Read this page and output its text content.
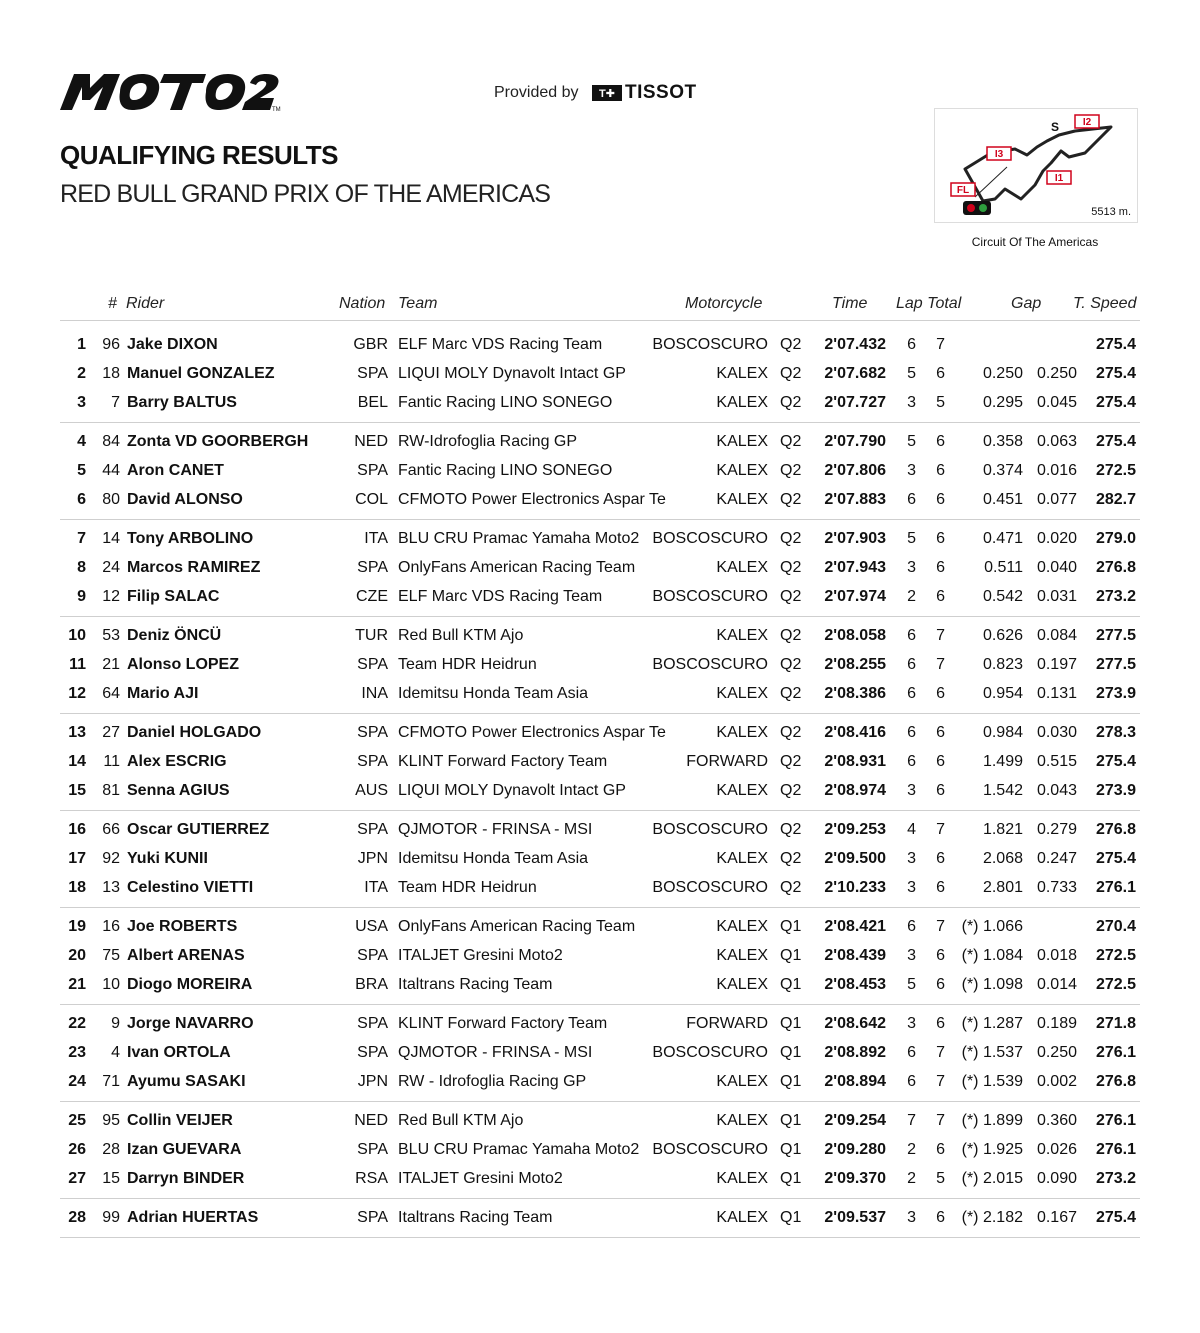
TM
Provided by	T✚ TISSOT
QUALIFYING RESULTS
RED BULL GRAND PRIX OF THE AMERICAS
I2
I3
I1
FL
S
5513 m.
Circuit Of The Americas
# Rider	Nation Team	Motorcycle	Time Lap Total	Gap T. Speed
1 96 Jake DIXON	GBR ELF Marc VDS Racing Team	BOSCOSCURO Q2 2'07.432 6 7	275.4
2 18 Manuel GONZALEZ	SPA LIQUI MOLY Dynavolt Intact GP	KALEX Q2 2'07.682 5 6 0.250 0.250 275.4
3 7 Barry BALTUS	BEL Fantic Racing LINO SONEGO	KALEX Q2 2'07.727 3 5 0.295 0.045 275.4
4 84 Zonta VD GOORBERGH	NED RW-Idrofoglia Racing GP	KALEX Q2 2'07.790 5 6 0.358 0.063 275.4
5 44 Aron CANET	SPA Fantic Racing LINO SONEGO	KALEX Q2 2'07.806 3 6 0.374 0.016 272.5
6 80 David ALONSO	COL CFMOTO Power Electronics Aspar Te	KALEX Q2 2'07.883 6 6 0.451 0.077 282.7
7 14 Tony ARBOLINO	ITA BLU CRU Pramac Yamaha Moto2 BOSCOSCURO Q2 2'07.903 5 6 0.471 0.020 279.0
8 24 Marcos RAMIREZ	SPA OnlyFans American Racing Team	KALEX Q2 2'07.943 3 6 0.511 0.040 276.8
9 12 Filip SALAC	CZE ELF Marc VDS Racing Team	BOSCOSCURO Q2 2'07.974 2 6 0.542 0.031 273.2
10 53 Deniz ÖNCÜ	TUR Red Bull KTM Ajo	KALEX Q2 2'08.058 6 7 0.626 0.084 277.5
11 21 Alonso LOPEZ	SPA Team HDR Heidrun	BOSCOSCURO Q2 2'08.255 6 7 0.823 0.197 277.5
12 64 Mario AJI	INA Idemitsu Honda Team Asia	KALEX Q2 2'08.386 6 6 0.954 0.131 273.9
13 27 Daniel HOLGADO	SPA CFMOTO Power Electronics Aspar Te	KALEX Q2 2'08.416 6 6 0.984 0.030 278.3
14 11 Alex ESCRIG	SPA KLINT Forward Factory Team	FORWARD Q2 2'08.931 6 6 1.499 0.515 275.4
15 81 Senna AGIUS	AUS LIQUI MOLY Dynavolt Intact GP	KALEX Q2 2'08.974 3 6 1.542 0.043 273.9
16 66 Oscar GUTIERREZ	SPA QJMOTOR - FRINSA - MSI	BOSCOSCURO Q2 2'09.253 4 7 1.821 0.279 276.8
17 92 Yuki KUNII	JPN Idemitsu Honda Team Asia	KALEX Q2 2'09.500 3 6 2.068 0.247 275.4
18 13 Celestino VIETTI	ITA Team HDR Heidrun	BOSCOSCURO Q2 2'10.233 3 6 2.801 0.733 276.1
19 16 Joe ROBERTS	USA OnlyFans American Racing Team	KALEX Q1 2'08.421 6 7 (*) 1.066	270.4
20 75 Albert ARENAS	SPA ITALJET Gresini Moto2	KALEX Q1 2'08.439 3 6 (*) 1.084 0.018 272.5
21 10 Diogo MOREIRA	BRA Italtrans Racing Team	KALEX Q1 2'08.453 5 6 (*) 1.098 0.014 272.5
22 9 Jorge NAVARRO	SPA KLINT Forward Factory Team	FORWARD Q1 2'08.642 3 6 (*) 1.287 0.189 271.8
23 4 Ivan ORTOLA	SPA QJMOTOR - FRINSA - MSI	BOSCOSCURO Q1 2'08.892 6 7 (*) 1.537 0.250 276.1
24 71 Ayumu SASAKI	JPN RW - Idrofoglia Racing GP	KALEX Q1 2'08.894 6 7 (*) 1.539 0.002 276.8
25 95 Collin VEIJER	NED Red Bull KTM Ajo	KALEX Q1 2'09.254 7 7 (*) 1.899 0.360 276.1
26 28 Izan GUEVARA	SPA BLU CRU Pramac Yamaha Moto2 BOSCOSCURO Q1 2'09.280 2 6 (*) 1.925 0.026 276.1
27 15 Darryn BINDER	RSA ITALJET Gresini Moto2	KALEX Q1 2'09.370 2 5 (*) 2.015 0.090 273.2
28 99 Adrian HUERTAS	SPA Italtrans Racing Team	KALEX Q1 2'09.537 3 6 (*) 2.182 0.167 275.4
